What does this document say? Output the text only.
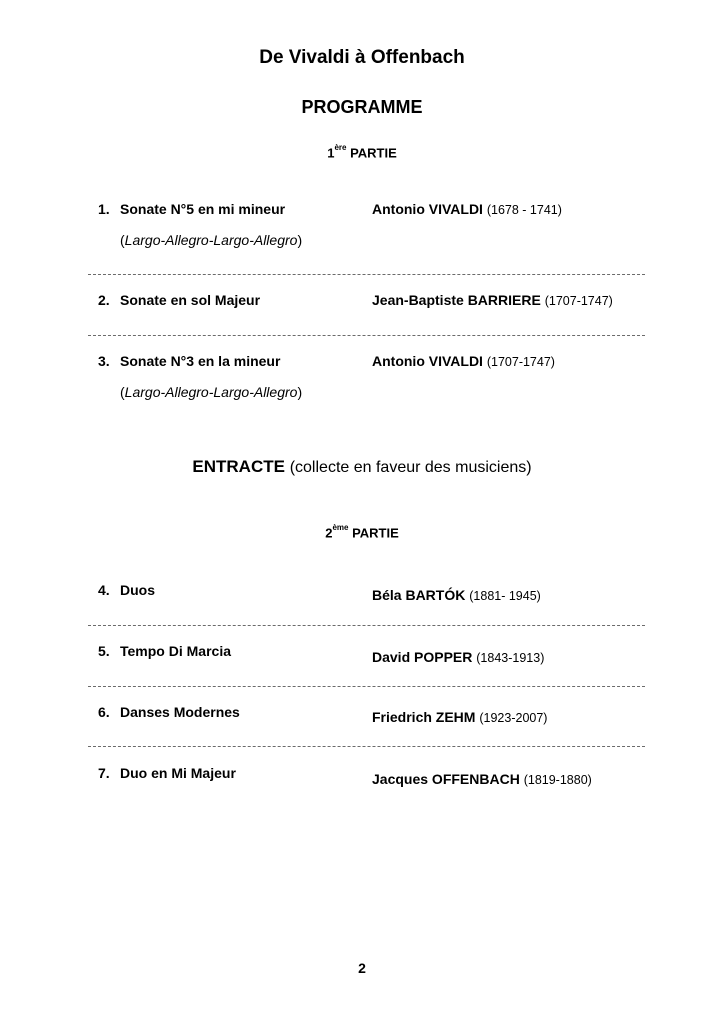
De Vivaldi à Offenbach
PROGRAMME
1ère PARTIE
1. Sonate N°5 en mi mineur	Antonio VIVALDI (1678 - 1741)
(Largo-Allegro-Largo-Allegro)
2. Sonate en sol Majeur	Jean-Baptiste BARRIERE (1707-1747)
3. Sonate N°3 en la mineur	Antonio VIVALDI (1707-1747)
(Largo-Allegro-Largo-Allegro)
ENTRACTE (collecte en faveur des musiciens)
2ème PARTIE
4. Duos	Béla BARTÓK (1881- 1945)
5. Tempo Di Marcia	David POPPER (1843-1913)
6. Danses Modernes	Friedrich ZEHM (1923-2007)
7. Duo en Mi Majeur	Jacques OFFENBACH (1819-1880)
2
